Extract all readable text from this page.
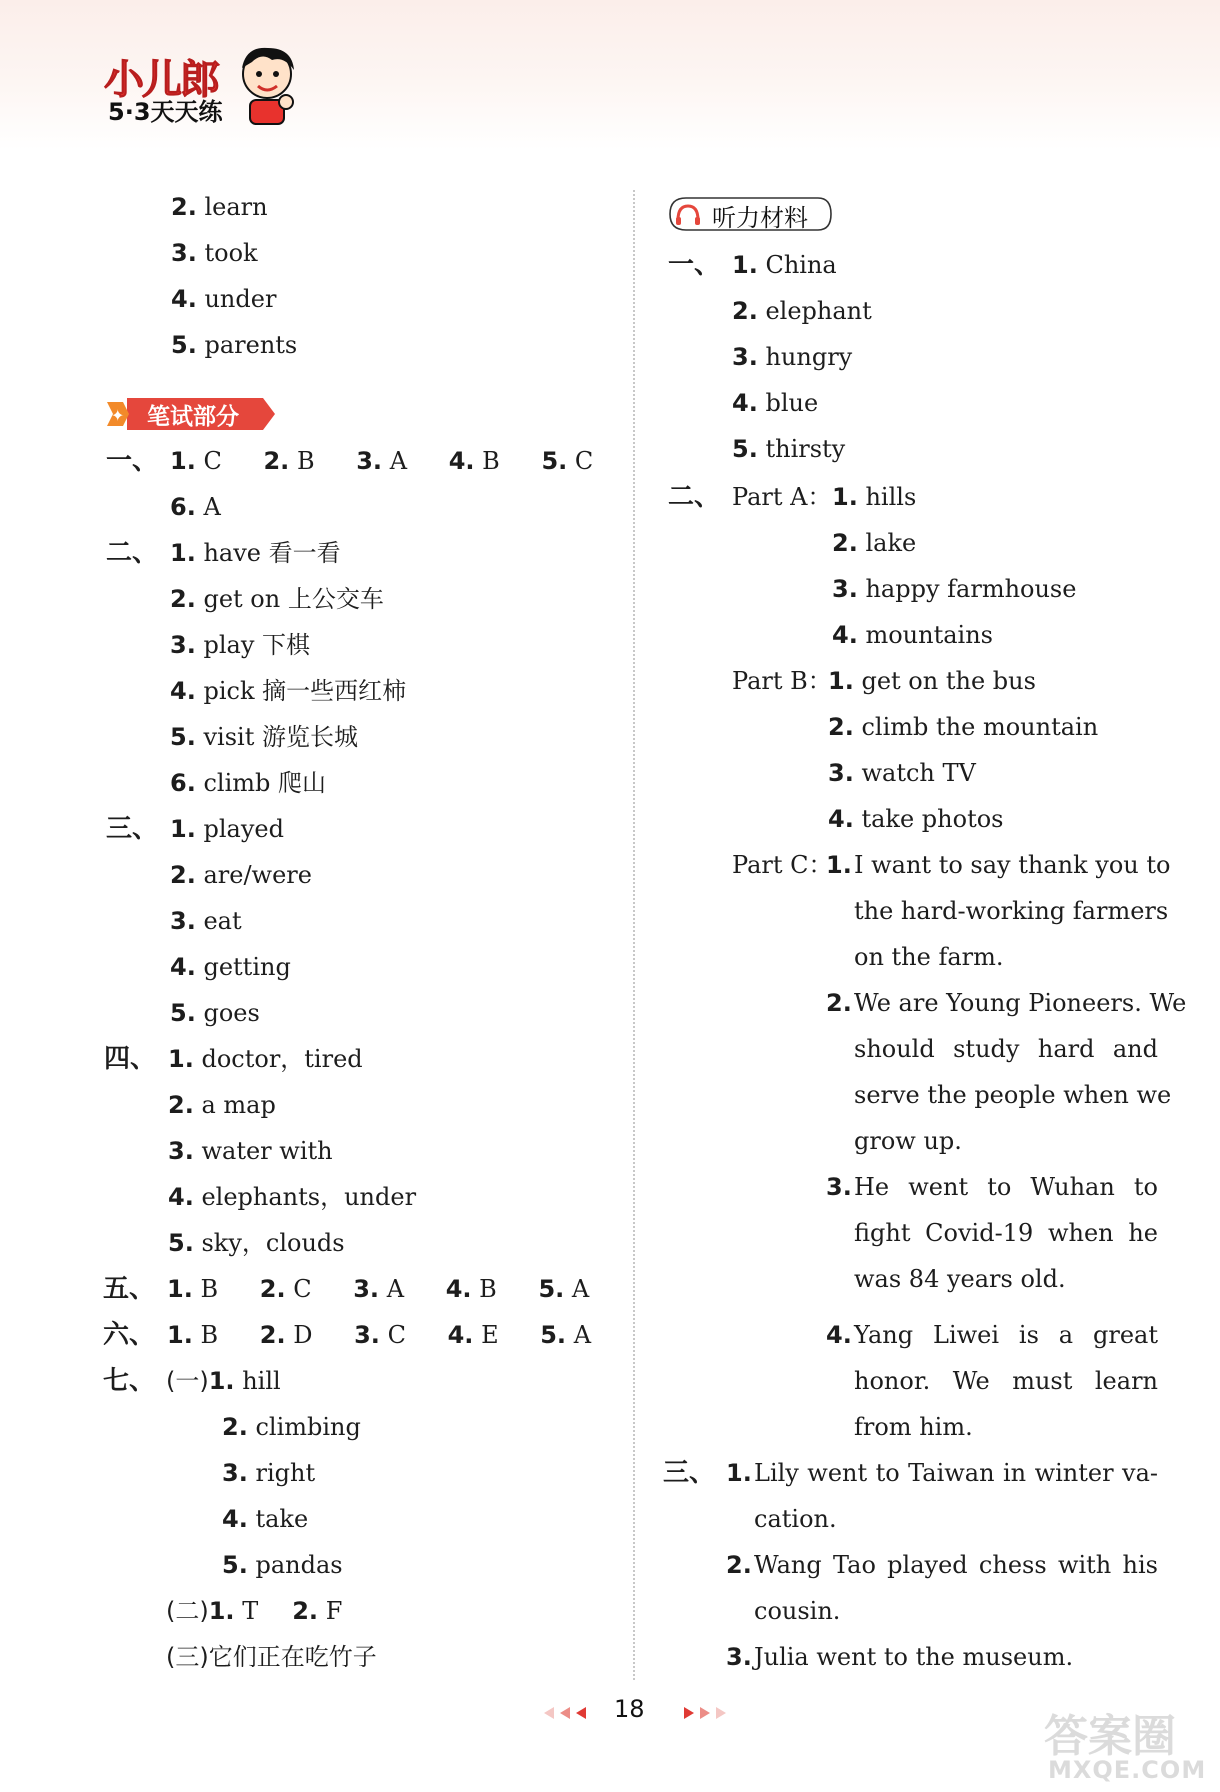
小儿郎
5·3天天练
2. learn
3. took
4. under
5. parents
✦ 笔试部分
一、 1. C 2. B 3. A 4. B 5. C
6. A
二、 1. have 看一看
2. get on 上公交车
3. play 下棋
4. pick 摘一些西红柿
5. visit 游览长城
6. climb 爬山
三、 1. played
2. are/were
3. eat
4. getting
5. goes
四、 1. doctor，tired
2. a map
3. water with
4. elephants，under
5. sky，clouds
五、 1. B 2. C 3. A 4. B 5. A
六、 1. B 2. D 3. C 4. E 5. A
七、 (一)1. hill
2. climbing
3. right
4. take
5. pandas
(二)1. T 2. F
(三)它们正在吃竹子
听力材料
一、 1. China
2. elephant
3. hungry
4. blue
5. thirsty
二、 Part A： 1. hills
2. lake
3. happy farmhouse
4. mountains
Part B：
1. get on the bus
2. climb the mountain
3. watch TV
4. take photos
Part C：
1. I want to say thank you to
the hard-working farmers
on the farm.
2. We are Young Pioneers. We
should study hard and
serve the people when we
grow up.
3. He went to Wuhan to
fight Covid-19 when he
was 84 years old.
4. Yang Liwei is a great
honor. We must learn
from him.
三、 1. Lily went to Taiwan in winter va-
cation.
2. Wang Tao played chess with his
cousin.
3. Julia went to the museum.
18
答案圈
MXQE.COM
